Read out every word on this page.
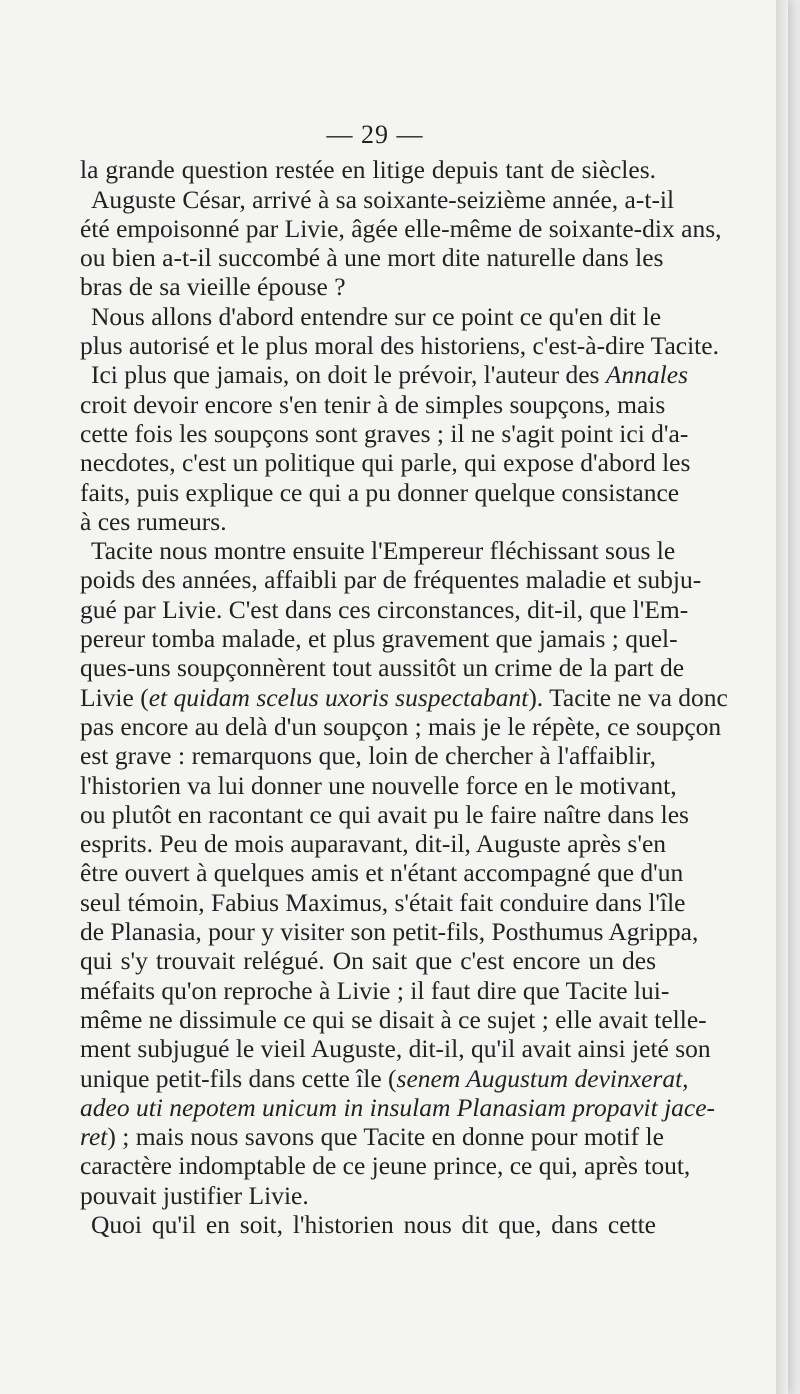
— 29 —
la grande question restée en litige depuis tant de siècles.
Auguste César, arrivé à sa soixante-seizième année, a-t-il
été empoisonné par Livie, âgée elle-même de soixante-dix ans,
ou bien a-t-il succombé à une mort dite naturelle dans les
bras de sa vieille épouse ?
Nous allons d'abord entendre sur ce point ce qu'en dit le
plus autorisé et le plus moral des historiens, c'est-à-dire Tacite.
Ici plus que jamais, on doit le prévoir, l'auteur des Annales
croit devoir encore s'en tenir à de simples soupçons, mais
cette fois les soupçons sont graves ; il ne s'agit point ici d'a-
necdotes, c'est un politique qui parle, qui expose d'abord les
faits, puis explique ce qui a pu donner quelque consistance
à ces rumeurs.
Tacite nous montre ensuite l'Empereur fléchissant sous le
poids des années, affaibli par de fréquentes maladie et subju-
gué par Livie. C'est dans ces circonstances, dit-il, que l'Em-
pereur tomba malade, et plus gravement que jamais ; quel-
ques-uns soupçonnèrent tout aussitôt un crime de la part de
Livie (et quidam scelus uxoris suspectabant). Tacite ne va donc
pas encore au delà d'un soupçon ; mais je le répète, ce soupçon
est grave : remarquons que, loin de chercher à l'affaiblir,
l'historien va lui donner une nouvelle force en le motivant,
ou plutôt en racontant ce qui avait pu le faire naître dans les
esprits. Peu de mois auparavant, dit-il, Auguste après s'en
être ouvert à quelques amis et n'étant accompagné que d'un
seul témoin, Fabius Maximus, s'était fait conduire dans l'île
de Planasia, pour y visiter son petit-fils, Posthumus Agrippa,
qui s'y trouvait relégué. On sait que c'est encore un des
méfaits qu'on reproche à Livie ; il faut dire que Tacite lui-
même ne dissimule ce qui se disait à ce sujet ; elle avait telle-
ment subjugué le vieil Auguste, dit-il, qu'il avait ainsi jeté son
unique petit-fils dans cette île (senem Augustum devinxerat,
adeo uti nepotem unicum in insulam Planasiam propavit jace-
ret) ; mais nous savons que Tacite en donne pour motif le
caractère indomptable de ce jeune prince, ce qui, après tout,
pouvait justifier Livie.
Quoi qu'il en soit, l'historien nous dit que, dans cette
